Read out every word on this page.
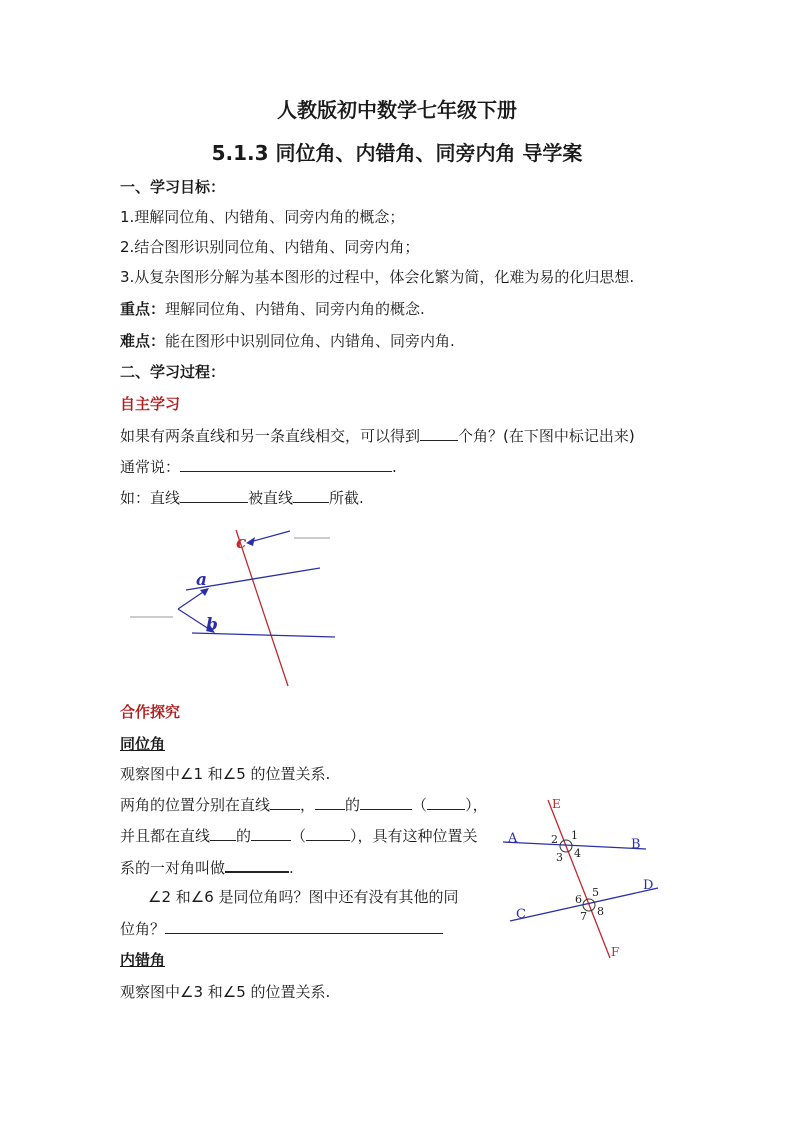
人教版初中数学七年级下册
5.1.3 同位角、内错角、同旁内角 导学案
一、学习目标：
1.理解同位角、内错角、同旁内角的概念；
2.结合图形识别同位角、内错角、同旁内角；
3.从复杂图形分解为基本图形的过程中，体会化繁为简，化难为易的化归思想.
重点：理解同位角、内错角、同旁内角的概念.
难点：能在图形中识别同位角、内错角、同旁内角.
二、学习过程：
自主学习
如果有两条直线和另一条直线相交，可以得到	个角？(在下图中标记出来)
通常说：	.
如：直线	被直线 所截.
c
a
b
E
F
A	B
C
D
1
2
3 4
5
6
7 8
合作探究
同位角
观察图中∠1 和∠5 的位置关系.
两角的位置分别在直线 ， 的	（	），
并且都在直线 的	（	），具有这种位置关
系的一对角叫做	.
∠2 和∠6 是同位角吗？图中还有没有其他的同
位角？
内错角
观察图中∠3 和∠5 的位置关系.
